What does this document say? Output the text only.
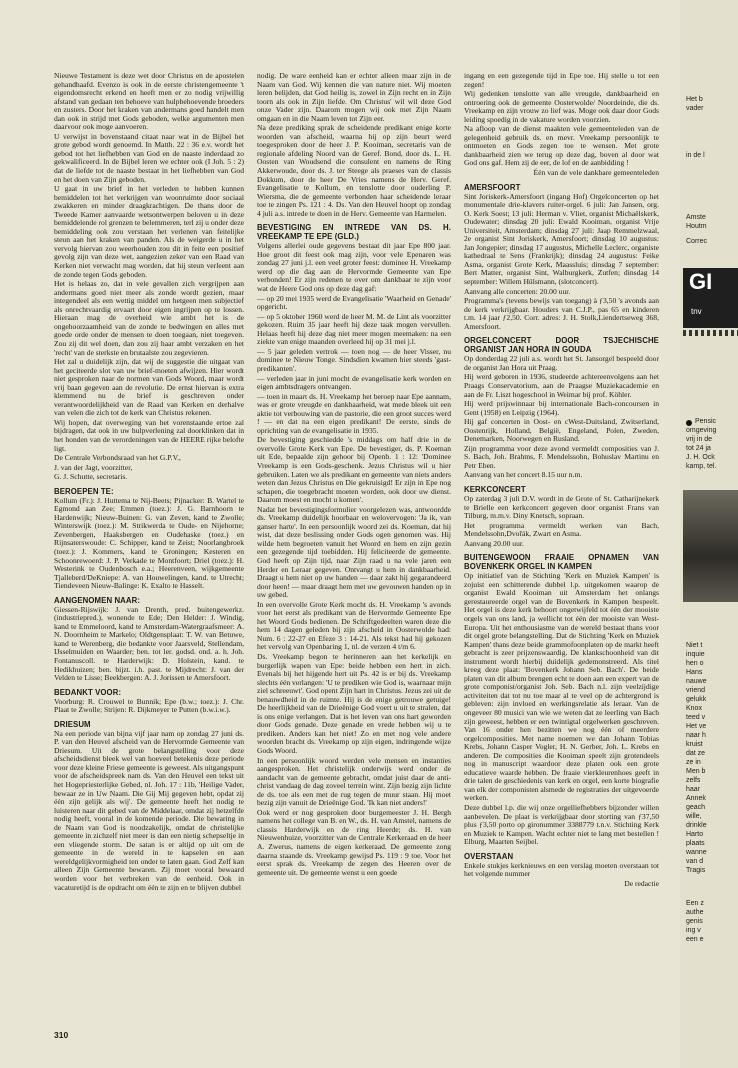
Nieuwe Testament is deze wet door Christus en de apostelen gehandhaafd. Evenzo is ook in de eerste christengemeente 't eigendomsrecht erkend en heeft men er zo nodig vrijwillig afstand van gedaan ten behoeve van hulpbehoevende broeders en zusters. Door het kraken van andermans goed handelt men dan ook in strijd met Gods geboden, welke argumenten men daarvoor ook moge aanvoeren.

U verwijst in bovenstaand citaat naar wat in de Bijbel het grote gebod wordt genoemd. In Matth. 22 : 36 e.v. wordt het gebod tot het liefhebben van God en de naaste inderdaad zo gekwalificeerd. In de Bijbel leren we echter ook (I Joh. 5 : 2) dat de liefde tot de naaste bestaat in het liefhebben van God en het doen van Zijn geboden.

U gaat in uw brief in het verleden te hebben kunnen bemiddelen tot het verkrijgen van woonruimte door sociaal zwakkeren en minder draagkrachtigen. De thans door de Tweede Kamer aanvaarde wetsontwerpen beloven u in deze bemiddelende rol grenzen te belemmeren, terl zij u onder deze bemiddeling ook zou verstaan het verlenen van feitelijke steun aan het kraken van panden. Als de weigerde u in het vervolg hiervan zou weerhouden zou dit in feite een positief gevolg zijn van deze wet, aangezien zeker van een Raad van Kerken niet verwacht mag worden, dat hij steun verleent aan de zonde tegen Gods geboden.

Het is helaas zo, dat in vele gevallen zich vergrijpen aan andermans goed niet meer als zonde wordt gezien, maar integendeel als een wettig middel om hetgeen men subjectief als onrechtvaardig ervaart door eigen ingrijpen op te lossen. Hieraan mag de overheid wie ambt het is de ongehoorzaamheid van de zonde te bedwingen en alles met goede orde onder de mensen te doen toegaan, niet toegeven. Zou zij dit wel doen, dan zou zij haar ambt verzaken en het 'recht' van de sterkste en brutaalste zou zegevieren.

Het zal u duidelijk zijn, dat wij de suggestie die uitgaat van het geciteerde slot van uw brief-moeten afwijzen. Hier wordt niet gesproken naar de normen van Gods Woord, maar wordt vrij baan gegeven aan de revolutie. De ernst hiervan is extra klemmend nu de brief is geschreven onder verantwoordelijkheid van de Raad van Kerken en derhalve van velen die zich tot de kerk van Christus rekenen.

Wij hopen, dat overweging van het vorenstaande ertoe zal bijdragen, dat ook in uw hulpverlening zal doorklinken dat in het honden van de verordeningen van de HEERE rijke belofte ligt.

De Centrale Verbondsraad van het G.P.V.,

J. van der Jagt, voorzitter,

G. J. Schutte, secretaris.

BEROEPEN TE:

Kollum (Fr.): J. Huttema te Nij-Beets; Pijnacker: B. Wartel te Egmond aan Zee; Emmen (toez.): J. G. Barnhoorn te Hardenwijk; Nieuw-Buinen: G. van Zeven, kand te Zwolle; Winterswijk (toez.): M. Strikwerda te Oude- en Nijehorne; Zevenbergen, Haaksbergen en Oudehaske (toez.) en Rijnsaterswoude: C. Schipper, kand te Zeist; Noorlangbroek (toez.): J. Kommers, kand te Groningen; Kesteren en Schoonrewoerd: J. P. Verkade te Montfoort; Driel (toez.): H. Westerink te Oudenbosch e.a.; Heerenveen, wijkgemeente Tjalleberd/DeKniepe: A. van Houwelingen, kand. te Utrecht; Tiendeveen Nieuw-Balinge: K. Exalto te Hasselt.

AANGENOMEN NAAR:

Giessen-Rijswijk: J. van Drenth, pred. buitengewerkz. (industriepred.), wonende te Ede; Den Helder: J. Windig, kand te Emmeloord, kand te Amsterdam-Watergraafsmeer: A. N. Doornheim te Markelo; Oldtgensplaat: T. W. van Betuwe, kand te Werenberg, die bedankte voor Jaarsveld, Stellendam, IJsselmuiden en Waarder; ben. tot ler. godsd. ond. a. h. Joh. Fontanuscoll. te Harderwijk: D. Holstein, kand. te Hedikhuizen; ben. bijzt. i.h. past. te Mijdrecht: J. van der Velden te Lisse; Beekbergen: A. J. Jorissen te Amersfoort.

BEDANKT VOOR:

Voorburg: R. Crouwel te Bunnik; Epe (b.w.; toez.): J. Chr. Plaat te Zwolle; Strijen: R. Dijkmeyer te Putten (b.w.i.w.).

DRIESUM

Na een periode van bijna vijf jaar nam op zondag 27 juni ds. P. van den Heuvel afscheid van de Hervormde Gemeente van Driesum. Uit de grote belangstelling voor deze afscheidsdienst bleek wel van hoeveel betekenis deze periode voor deze kleine Friese gemeente is geweest. Als uitgangspunt voor de afscheidspreek nam ds. Van den Heuvel een tekst uit het Hogepriesterlijke Gebed, nl. Joh. 17 : 11b, 'Heilige Vader, bewaar ze in Uw Naam. Die Gij Mij gegeven hebt, opdat zij één zijn gelijk als wij'. De gemeente heeft het nodig te luisteren naar dit gebed van de Middelaar, omdat zij hetzelfde nodig heeft, vooral in de komende periode. Die bewaring in de Naam van God is noodzakelijk, omdat de christelijke gemeente in zichzelf niet meer is dan een nietig schepseltje in een vliegende storm. De satan is er altijd op uit om de gemeente in de wereld in te kapselen en aan wereldgelijkvormigheid ten onder te laten gaan. God Zelf kan alleen Zijn Gemeente bewaren. Zij moet vooral bewaard worden voor het verbreken van de eenheid. Ook in vacaturetijd is de opdracht om één te zijn en te blijven dubbel

nodig. De ware eenheid kan er echter alleen maar zijn in de Naam van God. Wij kennen die van nature niet. Wij moeten leren belijden, dat God heilig is, zowel in Zijn recht en in Zijn toorn als ook in Zijn liefde. Om Christus' wil wil deze God onze Vader zijn. Daarom mogen wij ook met Zijn Naam omgaan en in die Naam leven tot Zijn eer.

Na deze prediking sprak de scheidende predikant enige korte woorden van afscheid, waarna hij op zijn beurt werd toegesproken door de heer J. P. Kooiman, secretaris van de regionale afdeling Noord van de Geref. Bond, door ds. L. H. Oosten van Woudsend die consulent en namens de Ring Akkerwoude, door ds. J. ter Steege als praeses van de classis Dokkum, door de heer De Vries namens de Herv. Geref. Evangelisatie te Kollum, en tenslotte door ouderling P. Wiersma, die de gemeente verbonden haar scheidende leraar toe te zingen Ps. 121 : 4. Ds. Van den Heuvel hoopt op zondag 4 juli a.s. intrede te doen in de Herv. Gemeente van Harmelen.

BEVESTIGING EN INTREDE VAN DS. H. VREEKAMP TE EPE (GLD.)

Volgens allerlei oude gegevens bestaat dit jaar Epe 800 jaar. Hoe groot dit feest ook mag zijn, voor vele Epenaren was zondag 27 juni j.l. een veel groter feest: dominee H. Vreekamp werd op die dag aan de Hervormde Gemeente van Epe verbonden! Er zijn redenen te over om dankbaar te zijn voor wat de Heere God ons op deze dag gaf:

— op 20 mei 1935 werd de Evangelisatie 'Waarheid en Genade' opgericht.

— op 5 oktober 1960 werd de heer M. M. de Lint als voorzitter gekozen. Ruim 35 jaar heeft hij deze taak mogen vervullen. Helaas heeft hij deze dag niet meer mogen meemaken: na een ziekte van enige maanden overleed hij op 31 mei j.l.

— 5 jaar geleden vertrok — toen nog — de heer Visser, nu dominee te Nieuw Tonge. Sindsdien kwamen hier steeds 'gast-predikanten'.

— verleden jaar in juni mocht de evangelisatie kerk worden en eigen ambtsdragers ontvangen.

— toen in maart ds. H. Vreekamp het beroep naar Epe aannam, was er grote vreugde en dankbaarheid, wat mede bleek uit een aktie tot verbouwing van de pastorie, die een groot succes werd ! — en dat na een eigen predikant! De eerste, sinds de oprichting van de evangelisatie in 1935.

De bevestiging geschiedde 's middags om half drie in de overvolle Grote Kerk van Epe. De bevestiger, ds. P. Koeman uit Ede, bepaalde zijn gehoor bij Openb. 1 : 12: 'Dominee Vreekamp is een Gods-geschenk. Jezus Christus wil u hier gebruiken. Laten we als predikant en gemeente van niets anders weten dan Jezus Christus en Die gekruisigd! Er zijn in Epe nog schapen, die toegebracht moeten worden, ook door uw dienst. Daarom moest en mocht u komen'.

Nadat het bevestigingsformulier voorgelezen was, antwoordde ds. Vreekamp duidelijk hoorbaar en welovervogen: 'Ja ik, van ganser harte'. In een persoonlijk woord zei ds. Koeman, dat hij wist, dat deze beslissing onder Gods ogen genomen was. Hij wilde hem begroeten vanuit het Woord en hem en zijn gezin een gezegende tijd toebidden. Hij feliciteerde de gemeente. God heeft op Zijn tijd, naar Zijn raad u na vele jaren een Herder en Leraar gegeven. Ontvangt u hem in dankbaarheid. Draagt u hem niet op uw handen — daar zakt hij gegarandeerd door heen! — maar draagt hem met uw gevouwen handen op in uw gebed.

In een overvolle Grote Kerk mocht ds. H. Vreekamp 's avonds voor het eerst als predikant van de Hervormde Gemeente Epe het Woord Gods bedienen. De Schriftgedeelten waren deze die hem 14 dagen geleden bij zijn afscheid in Oosterwolde had: Num. 6 : 22-27 en Efeze 3 : 14-21. Als tekst had hij gekozen het vervolg van Openbaring 1, nl. de verzen 4 t/m 6.

Ds. Vreekamp begon te herinneren aan het kerkelijk en burgerlijk wapen van Epe: beide hebben een hert in zich. Evenals bij het hijgende hert uit Ps. 42 is er bij ds. Vreekamp slechts één verlangen: 'U te prediken wie God is, waarnaar mijn ziel schreeuwt'. God opent Zijn hart in Christus. Jezus zei uit de benauwdheid in de ruimte. Hij is de enige getrouwe getuige! De heerlijkheid van de Drieënige God voert u uit te stralen, dat is ons enige verlangen. Dat is het leven van ons hart geworden door Gods genade. Deze genade en vrede hebben wij u te prediken. Anders kan het niet! Zo en met nog vele andere woorden bracht ds. Vreekamp op zijn eigen, indringende wijze Gods Woord.

In een persoonlijk woord werden vele mensen en instanties aangesproken. Het christelijk onderwijs werd onder de aandacht van de gemeente gebracht, omdat juist daar de anti-christ vandaag de dag zoveel terrein wint. Zijn bezig zijn lichte de ds. toe als een met de rug tegen de muur staan. Hij moet bezig zijn vanuit de Drieënige God. 'Ik kan niet anders!'

Ook werd er nog gesproken door burgemeester J. H. Bergh namens het college van B. en W., ds. H. van Amstel, namens de classis Harderwijk en de ring Heerde; ds. H. van Nieuwenhuize, voorzitter van de Centrale Kerkeraad en de heer A. Zwerus, namens de eigen kerkeraad. De gemeente zong daarna staande ds. Vreekamp gewijsd Ps. 119 : 9 toe. Voor het eerst sprak ds. Vreekamp de zegen des Heeren over de gemeente uit. De gemeente wenst u een goede

ingang en een gezegende tijd in Epe toe. Hij stelle u tot een zegen!

Wij gedenken tenslotte van alle vreugde, dankbaarheid en ontroering ook de gemeente Oosterwolde/ Noordeinde, die ds. Vreekamp en zijn vrouw zo lief was. Moge ook daar door Gods leiding spoedig in de vakature worden voorzien.

Na afloop van de dienst maakten vele gemeenteleden van de gelegenheid gebruik ds. en mevr. Vreekamp persoonlijk te ontmoeten en Gods zegen toe te wensen. Met grote dankbaarheid zien we terug op deze dag, boven al door wat God ons gaf. Hem zij de eer, de lof en de aanbidding !

Één van de vele dankbare gemeenteleden

AMERSFOORT

Sint Joriskerk-Amersfoort (ingang Hof) Orgelconcerten op het monumentale drie-klavers ruiter-orgel. 6 juli: Jan Jansen, org. O. Kerk Soest; 13 juli: Herman v. Vliet, organist Michaëlskerk, Oudewater; dinsdag 20 juli: Ewald Kooiman, organist Vrije Universiteit, Amsterdam; dinsdag 27 juli: Jaap Remmelzwaal, 2e organist Sint Joriskerk, Amersfoort; dinsdag 10 augustus: Jan Jongepier; dinsdag 17 augustus, Michelle Leclerc, organiste kathedraal te Sens (Frankrijk); dinsdag 24 augustus: Feike Asma, organist Grote Kerk, Maassluis; dinsdag 7 september: Bert Matter, organist Sint, Walburgkerk, Zutfen; dinsdag 14 september: Willem Hülsmann, (slotconcert).

Aanvang alle concerten: 20.00 uur.

Programma's (tevens bewijs van toegang) à ƒ3,50 's avonds aan de kerk verkrijgbaar. Houders van C.J.P., pas 65 en kinderen t.m. 14 jaar ƒ2,50. Corr. adres: J. H. Stolk,Liendertseweg 368, Amersfoort.

ORGELCONCERT DOOR TSJECHISCHE ORGANIST JAN HORA IN GOUDA

Op donderdag 22 juli a.s. wordt het St. Jansorgel bespeeld door de organist Jan Hora uit Praag.

Hij werd geboren in 1936, studeerde achtereenvolgens aan het Praags Conservatorium, aan de Praagse Muziekacademie en aan de Fr. Liszt hogeschool in Weimar bij prof. Köhler.

Hij werd prijswinnaar bij internationale Bach-concoursen in Gent (1958) en Leipzig (1964).

Hij gaf concerten in Oost- en cWest-Duitsland, Zwitserland, Oostenrijk, Holland, België, Engeland, Polen, Zweden, Denemarken, Noorwegen en Rusland.

Zijn programma voor deze avond vermeldt composities van J. S. Bach, Joh. Brahms, F. Mendelssohn, Bohuslav Martinu en Petr Eben.

Aanvang van het concert 8.15 uur n.m.

KERKCONCERT

Op zaterdag 3 juli D.V. wordt in de Grote of St. Catharijnekerk te Brielle een kerkconcert gegeven door organist Frans van Tilburg, m.m.v. Diny Knetsch, sopraan.

Het programma vermeldt werken van Bach, Mendelssohn,Dvořák, Zwart en Asma.

Aanvang 20.00 uur.

BUITENGEWOON FRAAIE OPNAMEN VAN BOVENKERK ORGEL IN KAMPEN

Op initiatief van de Stichting 'Kerk en Muziek Kampen' is zojuist een schitterende dubbel l.p. uitgekomen waarop de organist Ewald Kooiman uit Amsterdam het onlangs gerestaureerde orgel van de Bovenkerk in Kampen bespeelt. Het orgel is deze kerk behoort ongetwijfeld tot één der mooiste orgels van ons land, ja wellicht tot één der mooiste van West-Europa. Uit het enthousiasme van de wereld bestaat thans voor dit orgel grote belangstelling. Dat de Stichting 'Kerk en Muziek Kampen' thans deze beide grammofoonplaten op de markt heeft gebracht is zeer prijzenswaardig. De klankschoonheid van dit instrument wordt hierbij duidelijk gedemonstreerd. Als titel kreeg deze plaat: 'Bovenkerk Johann Seb. Bach'. De beide platen van dit album brengen echt te doen aan een expert van de grote componist/organist Joh. Seb. Bach n.l. zijn veelzijdige activiteiten dat tot nu toe maar al te veel op de achtergrond is gebleven: zijn invloed en werkingsrelatie als leraar. Van de ongeveer 80 musici van wie we weten dat ze leerling van Bach zijn geweest, hebben er een twintigtal orgelwerken geschreven. Van 16 onder hen bezitten we nog één of meerdere orgelcomposities. Met name noemen we dan Johann Tobias Krebs, Johann Casper Vogler, H. N. Gerber, Joh. L. Krebs en anderen. De composities die Kooiman speelt zijn grotendeels nog in manuscript waardoor deze platen ook een grote educatieve waarde hebben. De fraaie vierkleurenhoes geeft in drie talen de geschiedenis van kerk en orgel, een korte biografie van elk der componisten alsmede de registraties der uitgevoerde werken.

Deze dubbel l.p. die wij onze orgelliefhebbers bijzonder willen aanbevelen. De plaat is verkrijgbaar door storting van ƒ37,50 plus ƒ3,50 porto op gironummer 3388779 t.n.v. Stichting Kerk en Muziek te Kampen. Wacht echter niet te lang met bestellen ! Elburg, Maarten Seijbel.

OVERSTAAN

Enkele stukjes kerknieuws en een verslag moeten overstaan tot het volgende nummer

De redactie

310
Het b
vader
in de l
Amste
Houtm
Correc
GI
tnv
Pensic
omgeving
vrij in de
tot 24 ja
J. H. Ock
kamp, tel.
Niet t
inquie
hen o
Hans
nauwe
vriend
gelukk
Knox
teed v
Het ve
naar h
kruist
dat ze
ze in
Men b
zelfs
haar
Annek
geach
wille,
drinkle
Harto
plaats
wanne
van d
Tragis
Een z
authe
genis
ing v
een e
